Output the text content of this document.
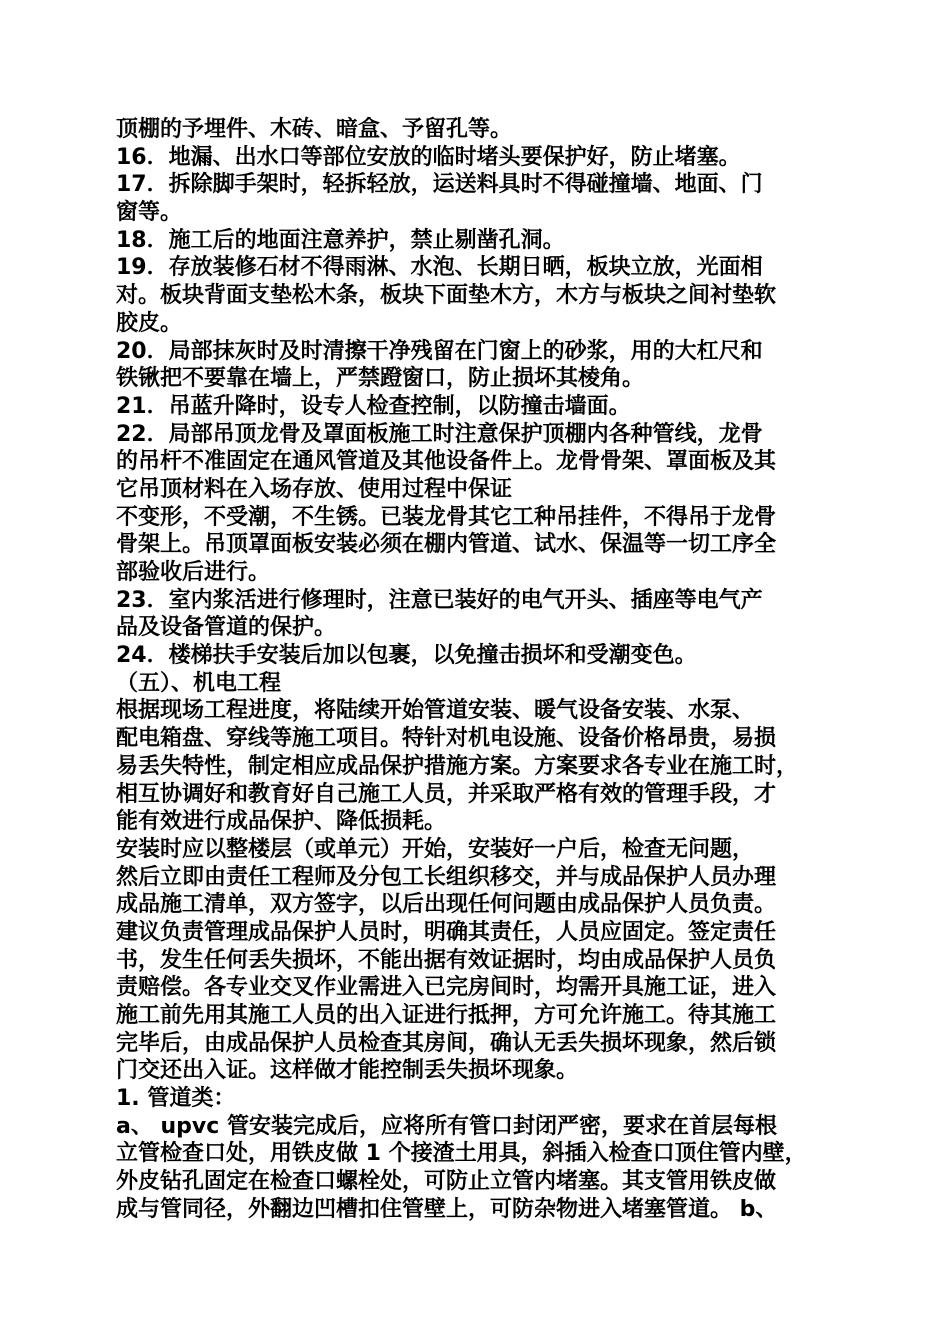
顶棚的予埋件、木砖、暗盒、予留孔等。
16．地漏、出水口等部位安放的临时堵头要保护好，防止堵塞。
17．拆除脚手架时，轻拆轻放，运送料具时不得碰撞墙、地面、门
窗等。
18．施工后的地面注意养护，禁止剔凿孔洞。
19．存放装修石材不得雨淋、水泡、长期日晒，板块立放，光面相
对。板块背面支垫松木条，板块下面垫木方，木方与板块之间衬垫软
胶皮。
20．局部抹灰时及时清擦干净残留在门窗上的砂浆，用的大杠尺和
铁锹把不要靠在墙上，严禁蹬窗口，防止损坏其棱角。
21．吊蓝升降时，设专人检查控制，以防撞击墙面。
22．局部吊顶龙骨及罩面板施工时注意保护顶棚内各种管线，龙骨
的吊杆不准固定在通风管道及其他设备件上。龙骨骨架、罩面板及其
它吊顶材料在入场存放、使用过程中保证
不变形，不受潮，不生锈。已装龙骨其它工种吊挂件，不得吊于龙骨
骨架上。吊顶罩面板安装必须在棚内管道、试水、保温等一切工序全
部验收后进行。
23．室内浆活进行修理时，注意已装好的电气开头、插座等电气产
品及设备管道的保护。
24．楼梯扶手安装后加以包裹，以免撞击损坏和受潮变色。
（五）、机电工程
根据现场工程进度，将陆续开始管道安装、暖气设备安装、水泵、
配电箱盘、穿线等施工项目。特针对机电设施、设备价格昂贵，易损
易丢失特性，制定相应成品保护措施方案。方案要求各专业在施工时，
相互协调好和教育好自己施工人员，并采取严格有效的管理手段，才
能有效进行成品保护、降低损耗。
安装时应以整楼层（或单元）开始，安装好一户后，检查无问题，
然后立即由责任工程师及分包工长组织移交，并与成品保护人员办理
成品施工清单，双方签字，以后出现任何问题由成品保护人员负责。
建议负责管理成品保护人员时，明确其责任，人员应固定。签定责任
书，发生任何丢失损坏，不能出据有效证据时，均由成品保护人员负
责赔偿。各专业交叉作业需进入已完房间时，均需开具施工证，进入
施工前先用其施工人员的出入证进行抵押，方可允许施工。待其施工
完毕后，由成品保护人员检查其房间，确认无丢失损坏现象，然后锁
门交还出入证。这样做才能控制丢失损坏现象。
1. 管道类：
a、 upvc 管安装完成后，应将所有管口封闭严密，要求在首层每根
立管检查口处，用铁皮做 1 个接渣土用具，斜插入检查口顶住管内壁，
外皮钻孔固定在检查口螺栓处，可防止立管内堵塞。其支管用铁皮做
成与管同径，外翻边凹槽扣住管壁上，可防杂物进入堵塞管道。 b、
